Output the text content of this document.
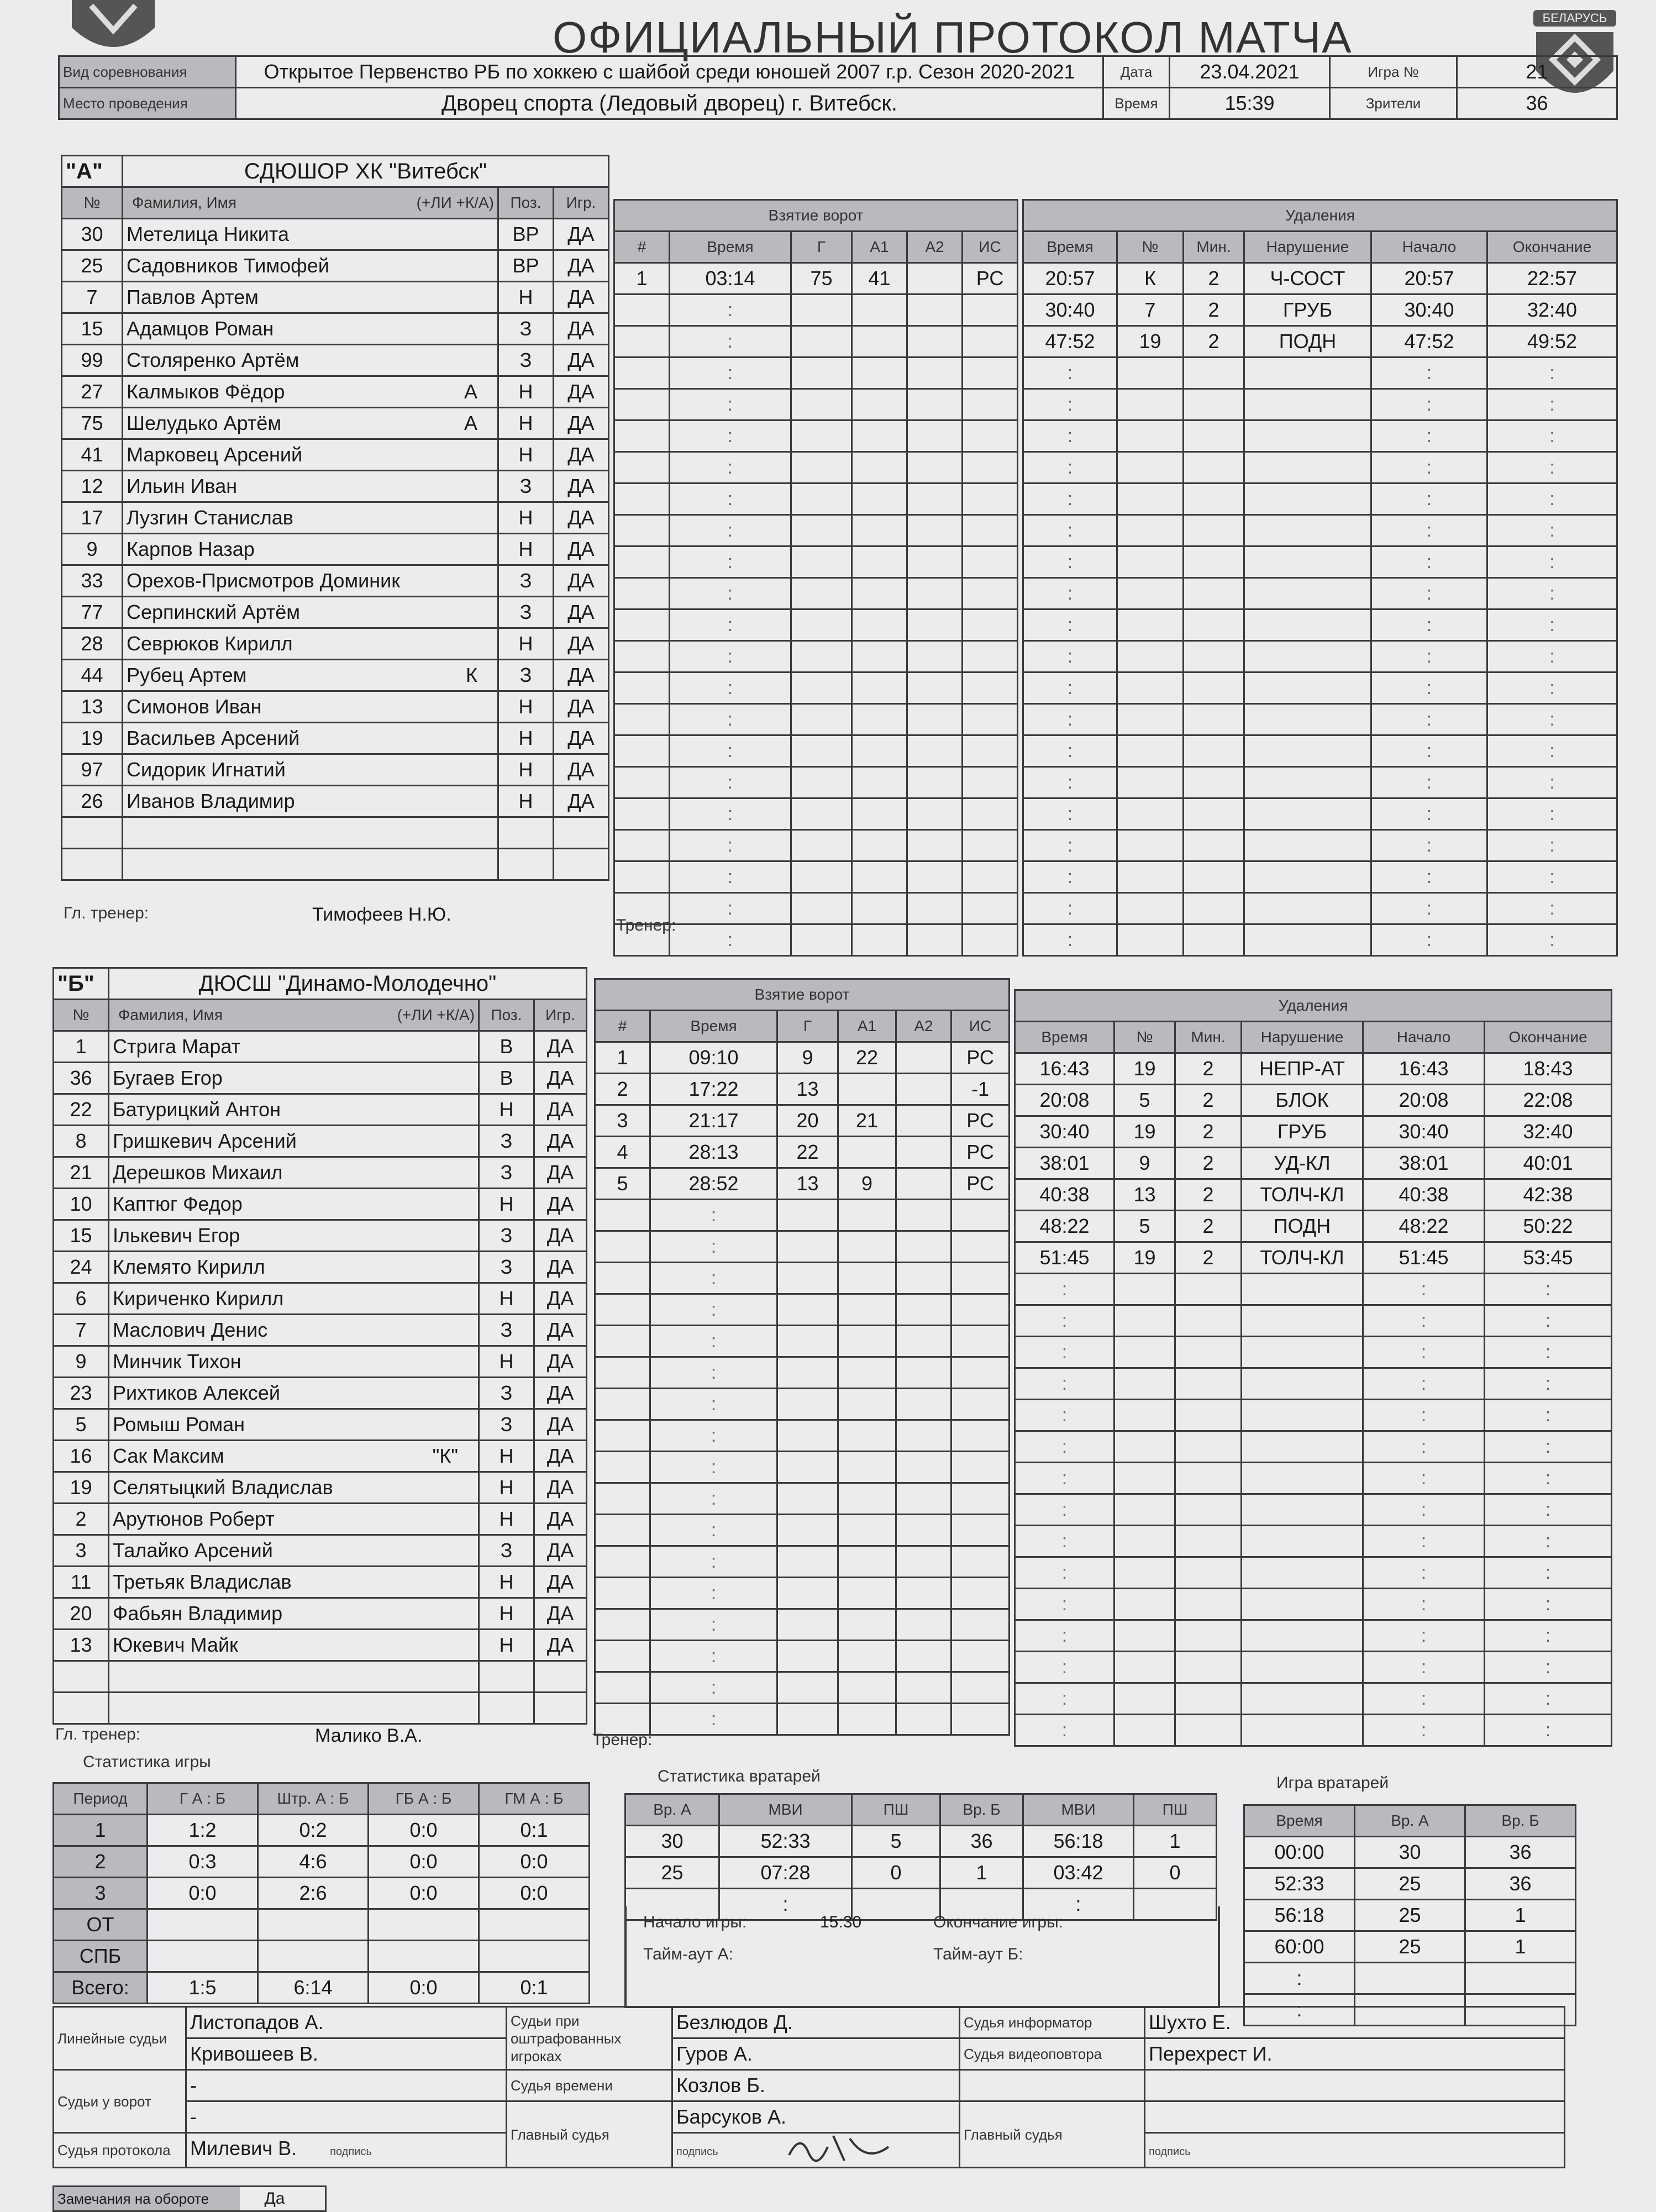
БЕЛАРУСЬ
ОФИЦИАЛЬНЫЙ ПРОТОКОЛ МАТЧА
Вид соревнования	Открытое Первенство РБ по хоккею с шайбой среди юношей 2007 г.р. Сезон 2020-2021	Дата	23.04.2021	Игра №	21
Место проведения	Дворец спорта (Ледовый дворец) г. Витебск.	Время	15:39	Зрители	36
"А"	СДЮШОР ХК "Витебск"		
№	Фамилия, Имя (+ЛИ +К/А)	Поз.	Игр.
30	Метелица Никита	ВР	ДА
25	Садовников Тимофей	ВР	ДА
7	Павлов Артем	Н	ДА
15	Адамцов Роман	З	ДА
99	Столяренко Артём	З	ДА
27	Калмыков Фёдор А	Н	ДА
75	Шелудько Артём А	Н	ДА
41	Марковец Арсений	Н	ДА
12	Ильин Иван	З	ДА
17	Лузгин Станислав	Н	ДА
9	Карпов Назар	Н	ДА
33	Орехов-Присмотров Доминик	З	ДА
77	Серпинский Артём	З	ДА
28	Севрюков Кирилл	Н	ДА
44	Рубец Артем К	З	ДА
13	Симонов Иван	Н	ДА
19	Васильев Арсений	Н	ДА
97	Сидорик Игнатий	Н	ДА
26	Иванов Владимир	Н	ДА

Гл. тренер:	Тимофеев Н.Ю.
Тренер:
Взятие ворот					
#	Время	Г	А1	А2	ИС
1	03:14	75	41		РС
	:				
	:				
	:				
	:				
	:				
	:				
	:				
	:				
	:				
	:				
	:				
	:				
	:				
	:				
	:				
	:				
	:				
	:				
	:				
	:				
	:				
Удаления					
Время	№	Мин.	Нарушение	Начало	Окончание
20:57	К	2	Ч-СОСТ	20:57	22:57
30:40	7	2	ГРУБ	30:40	32:40
47:52	19	2	ПОДН	47:52	49:52
:				:	:
:				:	:
:				:	:
:				:	:
:				:	:
:				:	:
:				:	:
:				:	:
:				:	:
:				:	:
:				:	:
:				:	:
:				:	:
:				:	:
:				:	:
:				:	:
:				:	:
:				:	:
:				:	:
"Б"	ДЮСШ "Динамо-Молодечно"		
№	Фамилия, Имя (+ЛИ +К/А)	Поз.	Игр.
1	Стрига Марат	В	ДА
36	Бугаев Егор	В	ДА
22	Батурицкий Антон	Н	ДА
8	Гришкевич Арсений	З	ДА
21	Дерешков Михаил	З	ДА
10	Каптюг Федор	Н	ДА
15	Ількевич Егор	З	ДА
24	Клемято Кирилл	З	ДА
6	Кириченко Кирилл	Н	ДА
7	Маслович Денис	З	ДА
9	Минчик Тихон	Н	ДА
23	Рихтиков Алексей	З	ДА
5	Ромыш Роман	З	ДА
16	Сак Максим "К"	Н	ДА
19	Селятыцкий Владислав	Н	ДА
2	Арутюнов Роберт	Н	ДА
3	Талайко Арсений	З	ДА
11	Третьяк Владислав	Н	ДА
20	Фабьян Владимир	Н	ДА
13	Юкевич Майк	Н	ДА

Гл. тренер:	Малико В.А.	Тренер:
Взятие ворот					
#	Время	Г	А1	А2	ИС
1	09:10	9	22		РС
2	17:22	13			-1
3	21:17	20	21		РС
4	28:13	22			РС
5	28:52	13	9		РС
	:				
	:				
	:				
	:				
	:				
	:				
	:				
	:				
	:				
	:				
	:				
	:				
	:				
	:				
	:				
	:				
	:				
Удаления					
Время	№	Мин.	Нарушение	Начало	Окончание
16:43	19	2	НЕПР-АТ	16:43	18:43
20:08	5	2	БЛОК	20:08	22:08
30:40	19	2	ГРУБ	30:40	32:40
38:01	9	2	УД-КЛ	38:01	40:01
40:38	13	2	ТОЛЧ-КЛ	40:38	42:38
48:22	5	2	ПОДН	48:22	50:22
51:45	19	2	ТОЛЧ-КЛ	51:45	53:45
:				:	:
:				:	:
:				:	:
:				:	:
:				:	:
:				:	:
:				:	:
:				:	:
:				:	:
:				:	:
:				:	:
:				:	:
:				:	:
:				:	:
:				:	:
Статистика игры
Период	Г А : Б	Штр. А : Б	ГБ А : Б	ГМ А : Б
1	1:2	0:2	0:0	0:1
2	0:3	4:6	0:0	0:0
3	0:0	2:6	0:0	0:0
ОТ				
СПБ				
Всего:	1:5	6:14	0:0	0:1
Статистика вратарей
Вр. А	МВИ	ПШ	Вр. Б	МВИ	ПШ
30	52:33	5	36	56:18	1
25	07:28	0	1	03:42	0
	:			:	
Начало игры:	15:30	Окончание игры:
Тайм-аут А:	Тайм-аут Б:
Игра вратарей
Время	Вр. А	Вр. Б
00:00	30	36
52:33	25	36
56:18	25	1
60:00	25	1
:		
:		
Линейные судьи	Листопадов А.	Судьи при оштрафованных игроках	Безлюдов Д.	Судья информатор	Шухто Е.
	Кривошеев В.		Гуров А.	Судья видеоповтора	Перехрест И.
Судьи у ворот	-	Судья времени	Козлов Б.		
	-	Главный судья	Барсуков А.	Главный судья	
Судья протокола	Милевич В. подпись		подпись		подпись
Замечания на обороте	Да
